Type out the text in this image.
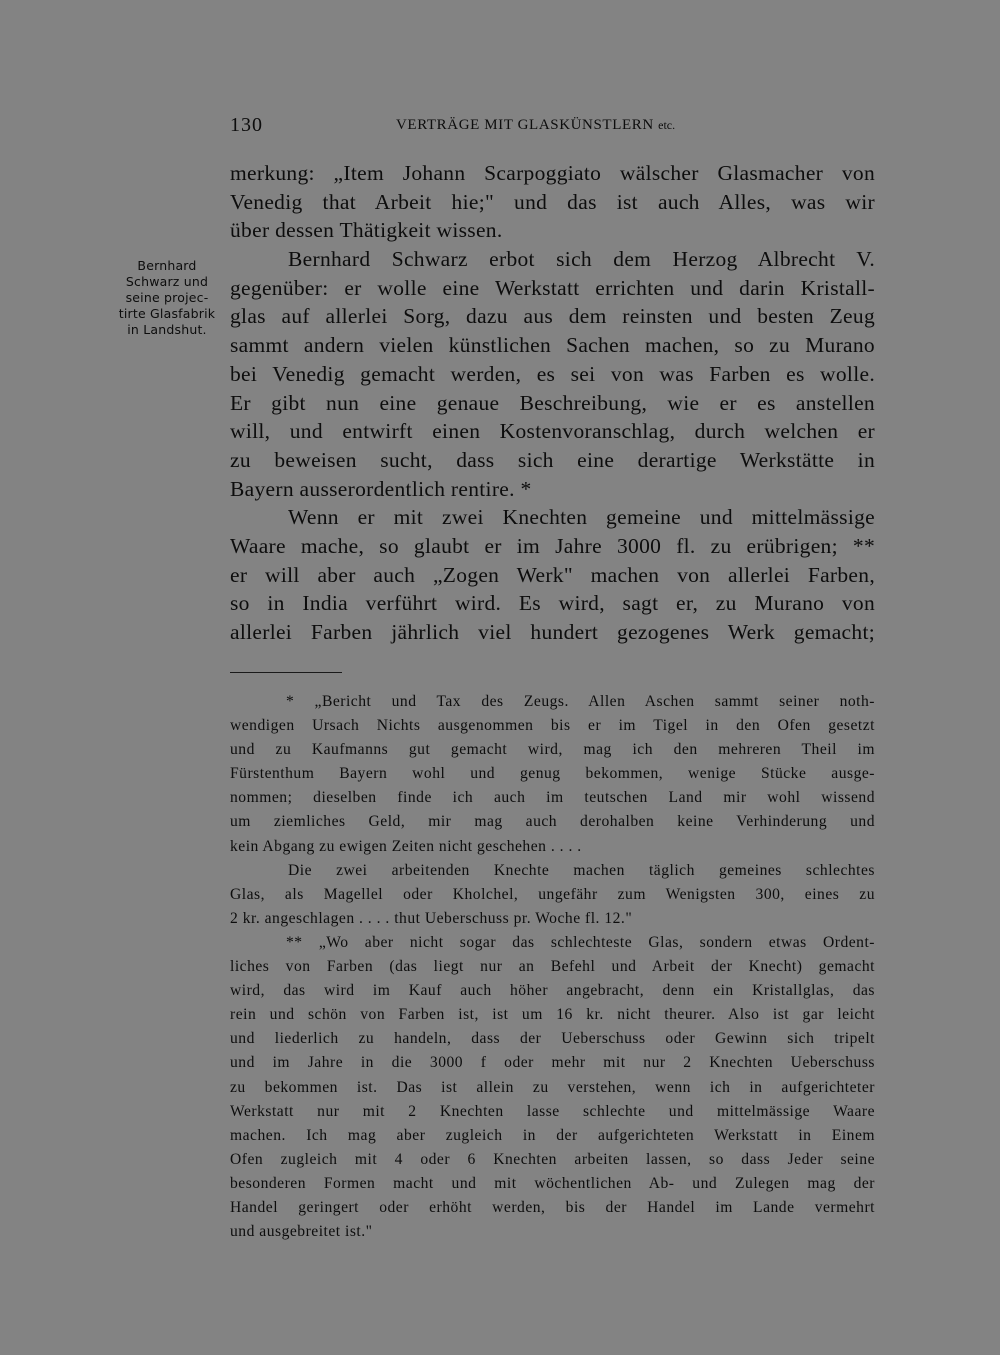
130	VERTRÄGE MIT GLASKÜNSTLERN etc.
Bernhard
Schwarz und
seine projec-
tirte Glasfabrik
in Landshut.
merkung: „Item Johann Scarpoggiato wälscher Glasmacher von
Venedig that Arbeit hie;" und das ist auch Alles, was wir
über dessen Thätigkeit wissen.
Bernhard Schwarz erbot sich dem Herzog Albrecht V.
gegenüber: er wolle eine Werkstatt errichten und darin Kristall-
glas auf allerlei Sorg, dazu aus dem reinsten und besten Zeug
sammt andern vielen künstlichen Sachen machen, so zu Murano
bei Venedig gemacht werden, es sei von was Farben es wolle.
Er gibt nun eine genaue Beschreibung, wie er es anstellen
will, und entwirft einen Kostenvoranschlag, durch welchen er
zu beweisen sucht, dass sich eine derartige Werkstätte in
Bayern ausserordentlich rentire. *
Wenn er mit zwei Knechten gemeine und mittelmässige
Waare mache, so glaubt er im Jahre 3000 fl. zu erübrigen; **
er will aber auch „Zogen Werk" machen von allerlei Farben,
so in India verführt wird. Es wird, sagt er, zu Murano von
allerlei Farben jährlich viel hundert gezogenes Werk gemacht;
* „Bericht und Tax des Zeugs. Allen Aschen sammt seiner noth-
wendigen Ursach Nichts ausgenommen bis er im Tigel in den Ofen gesetzt
und zu Kaufmanns gut gemacht wird, mag ich den mehreren Theil im
Fürstenthum Bayern wohl und genug bekommen, wenige Stücke ausge-
nommen; dieselben finde ich auch im teutschen Land mir wohl wissend
um ziemliches Geld, mir mag auch derohalben keine Verhinderung und
kein Abgang zu ewigen Zeiten nicht geschehen . . . .
Die zwei arbeitenden Knechte machen täglich gemeines schlechtes
Glas, als Magellel oder Kholchel, ungefähr zum Wenigsten 300, eines zu
2 kr. angeschlagen . . . . thut Ueberschuss pr. Woche fl. 12."
** „Wo aber nicht sogar das schlechteste Glas, sondern etwas Ordent-
liches von Farben (das liegt nur an Befehl und Arbeit der Knecht) gemacht
wird, das wird im Kauf auch höher angebracht, denn ein Kristallglas, das
rein und schön von Farben ist, ist um 16 kr. nicht theurer. Also ist gar leicht
und liederlich zu handeln, dass der Ueberschuss oder Gewinn sich tripelt
und im Jahre in die 3000 f oder mehr mit nur 2 Knechten Ueberschuss
zu bekommen ist. Das ist allein zu verstehen, wenn ich in aufgerichteter
Werkstatt nur mit 2 Knechten lasse schlechte und mittelmässige Waare
machen. Ich mag aber zugleich in der aufgerichteten Werkstatt in Einem
Ofen zugleich mit 4 oder 6 Knechten arbeiten lassen, so dass Jeder seine
besonderen Formen macht und mit wöchentlichen Ab- und Zulegen mag der
Handel geringert oder erhöht werden, bis der Handel im Lande vermehrt
und ausgebreitet ist."
